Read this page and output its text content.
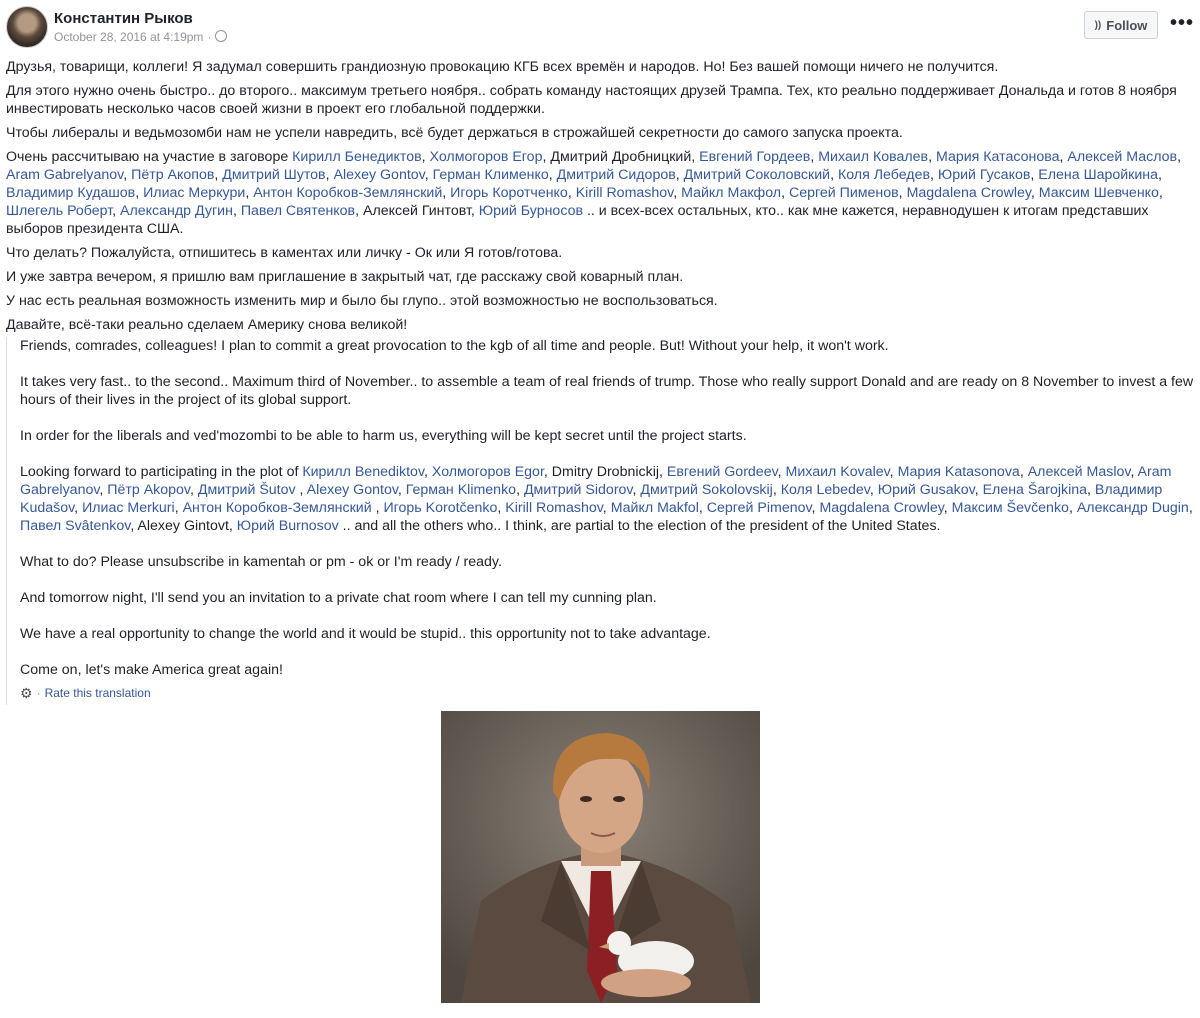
Константин Рыков
October 28, 2016 at 4:19pm ·
)) Follow •••

Друзья, товарищи, коллеги! Я задумал совершить грандиозную провокацию КГБ всех времён и народов. Но! Без вашей помощи ничего не получится.

Для этого нужно очень быстро.. до второго.. максимум третьего ноября.. собрать команду настоящих друзей Трампа. Тех, кто реально поддерживает Дональда и готов 8 ноября инвестировать несколько часов своей жизни в проект его глобальной поддержки.

Чтобы либералы и ведьмозомби нам не успели навредить, всё будет держаться в строжайшей секретности до самого запуска проекта.

Очень рассчитываю на участие в заговоре Кирилл Бенедиктов, Холмогоров Егор, Дмитрий Дробницкий, Евгений Гордеев, Михаил Ковалев, Мария Катасонова, Алексей Маслов, Aram Gabrelyanov, Пётр Акопов, Дмитрий Шутов, Alexey Gontov, Герман Клименко, Дмитрий Сидоров, Дмитрий Соколовский, Коля Лебедев, Юрий Гусаков, Елена Шаройкина, Владимир Кудашов, Илиас Меркури, Антон Коробков-Землянский, Игорь Коротченко, Kirill Romashov, Майкл Макфол, Сергей Пименов, Magdalena Crowley, Максим Шевченко, Шлегель Роберт, Александр Дугин, Павел Святенков, Алексей Гинтовт, Юрий Бурносов .. и всех-всех остальных, кто.. как мне кажется, неравнодушен к итогам представших выборов президента США.

Что делать? Пожалуйста, отпишитесь в каментах или личку - Ок или Я готов/готова.

И уже завтра вечером, я пришлю вам приглашение в закрытый чат, где расскажу свой коварный план.

У нас есть реальная возможность изменить мир и было бы глупо.. этой возможностью не воспользоваться.

Давайте, всё-таки реально сделаем Америку снова великой!

Friends, comrades, colleagues! I plan to commit a great provocation to the kgb of all time and people. But! Without your help, it won't work.

It takes very fast.. to the second.. Maximum third of November.. to assemble a team of real friends of trump. Those who really support Donald and are ready on 8 November to invest a few hours of their lives in the project of its global support.

In order for the liberals and ved'mozombi to be able to harm us, everything will be kept secret until the project starts.

Looking forward to participating in the plot of Кирилл Benediktov, Холмогоров Egor, Dmitry Drobnickij, Евгений Gordeev, Михаил Kovalev, Мария Katasonova, Алексей Maslov, Aram Gabrelyanov, Пётр Akopov, Дмитрий Šutov , Alexey Gontov, Герман Klimenko, Дмитрий Sidorov, Дмитрий Sokolovskij, Коля Lebedev, Юрий Gusakov, Елена Šarojkina, Владимир Kudašov, Илиас Merkuri, Антон Коробков-Землянский , Игорь Korotčenko, Kirill Romashov, Майкл Makfol, Сергей Pimenov, Magdalena Crowley, Максим Ševčenko, Александр Dugin, Павел Svâtenkov, Alexey Gintovt, Юрий Burnosov .. and all the others who.. I think, are partial to the election of the president of the United States.

What to do? Please unsubscribe in kamentah or pm - ok or I'm ready / ready.

And tomorrow night, I'll send you an invitation to a private chat room where I can tell my cunning plan.

We have a real opportunity to change the world and it would be stupid.. this opportunity not to take advantage.

Come on, let's make America great again!

⚙ · Rate this translation
